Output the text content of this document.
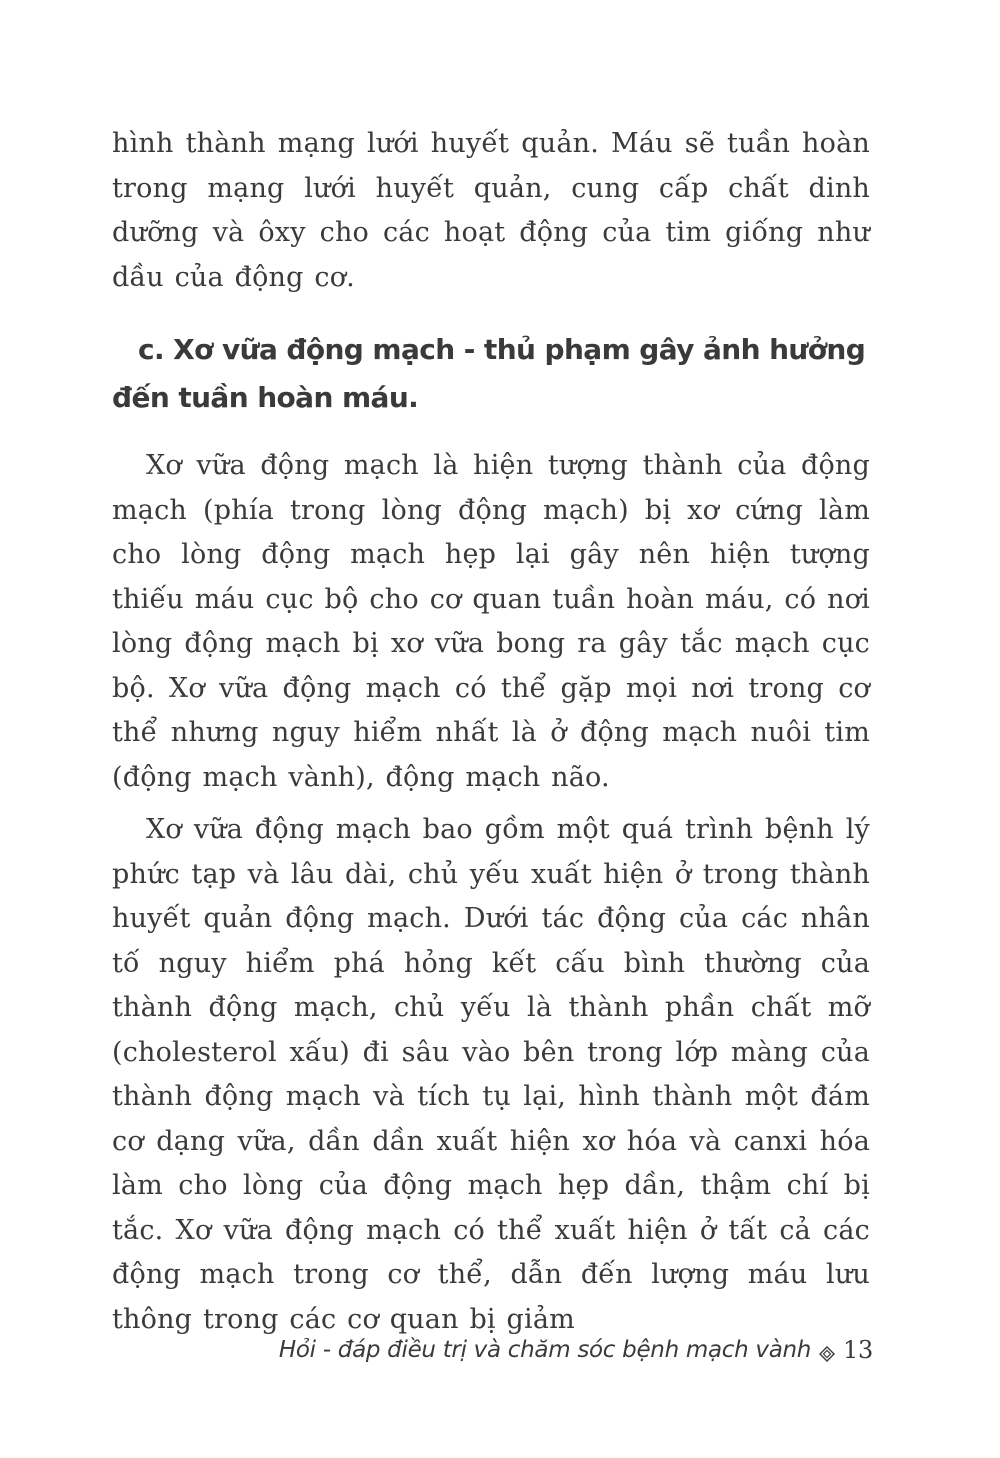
hình thành mạng lưới huyết quản. Máu sẽ tuần hoàn trong mạng lưới huyết quản, cung cấp chất dinh dưỡng và ôxy cho các hoạt động của tim giống như dầu của động cơ.

c. Xơ vữa động mạch - thủ phạm gây ảnh hưởng đến tuần hoàn máu.

Xơ vữa động mạch là hiện tượng thành của động mạch (phía trong lòng động mạch) bị xơ cứng làm cho lòng động mạch hẹp lại gây nên hiện tượng thiếu máu cục bộ cho cơ quan tuần hoàn máu, có nơi lòng động mạch bị xơ vữa bong ra gây tắc mạch cục bộ. Xơ vữa động mạch có thể gặp mọi nơi trong cơ thể nhưng nguy hiểm nhất là ở động mạch nuôi tim (động mạch vành), động mạch não.

Xơ vữa động mạch bao gồm một quá trình bệnh lý phức tạp và lâu dài, chủ yếu xuất hiện ở trong thành huyết quản động mạch. Dưới tác động của các nhân tố nguy hiểm phá hỏng kết cấu bình thường của thành động mạch, chủ yếu là thành phần chất mỡ (cholesterol xấu) đi sâu vào bên trong lớp màng của thành động mạch và tích tụ lại, hình thành một đám cơ dạng vữa, dần dần xuất hiện xơ hóa và canxi hóa làm cho lòng của động mạch hẹp dần, thậm chí bị tắc. Xơ vữa động mạch có thể xuất hiện ở tất cả các động mạch trong cơ thể, dẫn đến lượng máu lưu thông trong các cơ quan bị giảm

Hỏi - đáp điều trị và chăm sóc bệnh mạch vành 13
